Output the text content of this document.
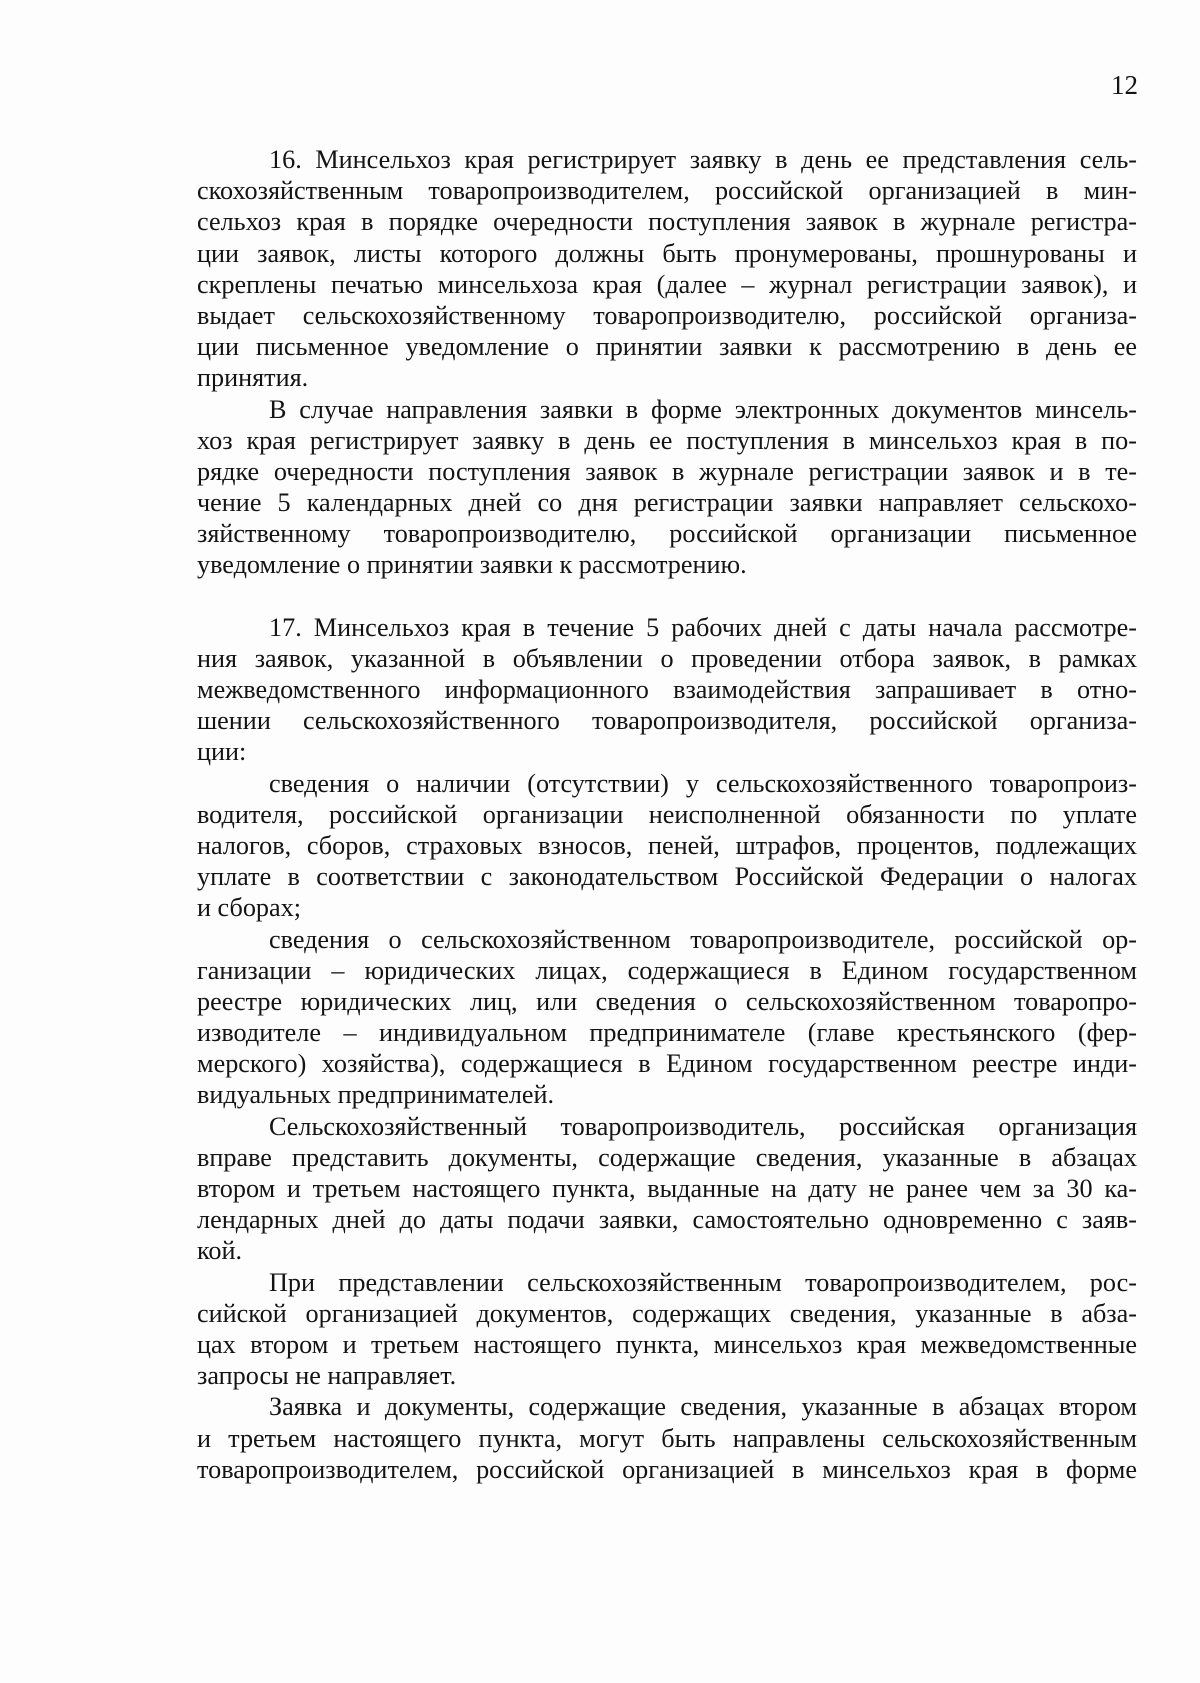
12
16. Минсельхоз края регистрирует заявку в день ее представления сель-
скохозяйственным товаропроизводителем, российской организацией в мин-
сельхоз края в порядке очередности поступления заявок в журнале регистра-
ции заявок, листы которого должны быть пронумерованы, прошнурованы и
скреплены печатью минсельхоза края (далее – журнал регистрации заявок), и
выдает сельскохозяйственному товаропроизводителю, российской организа-
ции письменное уведомление о принятии заявки к рассмотрению в день ее
принятия.
В случае направления заявки в форме электронных документов минсель-
хоз края регистрирует заявку в день ее поступления в минсельхоз края в по-
рядке очередности поступления заявок в журнале регистрации заявок и в те-
чение 5 календарных дней со дня регистрации заявки направляет сельскохо-
зяйственному товаропроизводителю, российской организации письменное
уведомление о принятии заявки к рассмотрению.
17. Минсельхоз края в течение 5 рабочих дней с даты начала рассмотре-
ния заявок, указанной в объявлении о проведении отбора заявок, в рамках
межведомственного информационного взаимодействия запрашивает в отно-
шении сельскохозяйственного товаропроизводителя, российской организа-
ции:
сведения о наличии (отсутствии) у сельскохозяйственного товаропроиз-
водителя, российской организации неисполненной обязанности по уплате
налогов, сборов, страховых взносов, пеней, штрафов, процентов, подлежащих
уплате в соответствии с законодательством Российской Федерации о налогах
и сборах;
сведения о сельскохозяйственном товаропроизводителе, российской ор-
ганизации – юридических лицах, содержащиеся в Едином государственном
реестре юридических лиц, или сведения о сельскохозяйственном товаропро-
изводителе – индивидуальном предпринимателе (главе крестьянского (фер-
мерского) хозяйства), содержащиеся в Едином государственном реестре инди-
видуальных предпринимателей.
Сельскохозяйственный товаропроизводитель, российская организация
вправе представить документы, содержащие сведения, указанные в абзацах
втором и третьем настоящего пункта, выданные на дату не ранее чем за 30 ка-
лендарных дней до даты подачи заявки, самостоятельно одновременно с заяв-
кой.
При представлении сельскохозяйственным товаропроизводителем, рос-
сийской организацией документов, содержащих сведения, указанные в абза-
цах втором и третьем настоящего пункта, минсельхоз края межведомственные
запросы не направляет.
Заявка и документы, содержащие сведения, указанные в абзацах втором
и третьем настоящего пункта, могут быть направлены сельскохозяйственным
товаропроизводителем, российской организацией в минсельхоз края в форме
